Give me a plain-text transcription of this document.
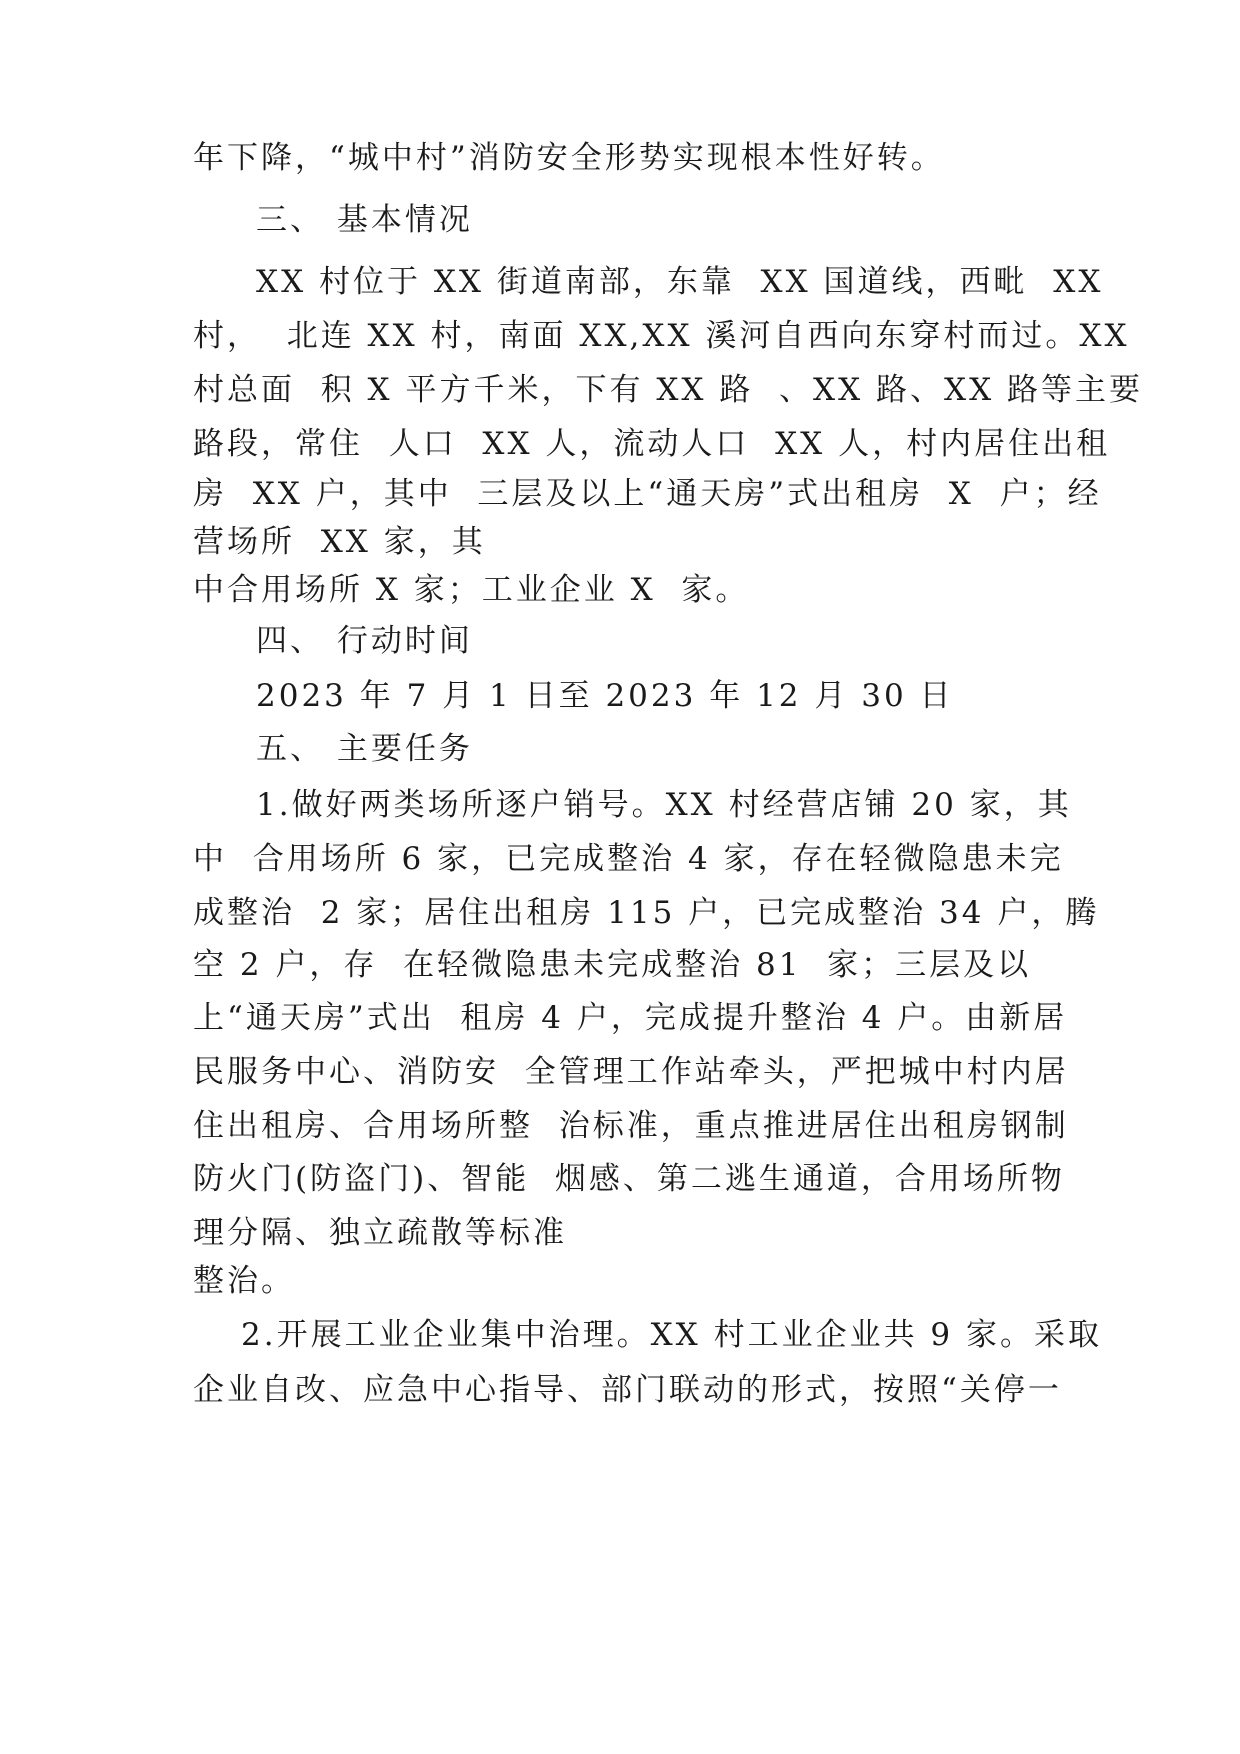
年下降，“城中村”消防安全形势实现根本性好转。
三、 基本情况
XX 村位于 XX 街道南部，东靠  XX 国道线，西毗  XX
村，  北连 XX 村，南面 XX,XX 溪河自西向东穿村而过。XX
村总面  积 X 平方千米，下有 XX 路  、XX 路、XX 路等主要
路段，常住  人口  XX 人，流动人口  XX 人，村内居住出租
房  XX 户，其中  三层及以上“通天房”式出租房  X  户；经
营场所  XX 家，其
中合用场所 X 家；工业企业 X  家。
四、 行动时间
2023 年 7 月 1 日至 2023 年 12 月 30 日
五、 主要任务
1.做好两类场所逐户销号。XX 村经营店铺 20 家，其
中  合用场所 6 家，已完成整治 4 家，存在轻微隐患未完
成整治  2 家；居住出租房 115 户，已完成整治 34 户，腾
空 2 户，存  在轻微隐患未完成整治 81  家；三层及以
上“通天房”式出  租房 4 户，完成提升整治 4 户。由新居
民服务中心、消防安  全管理工作站牵头，严把城中村内居
住出租房、合用场所整  治标准，重点推进居住出租房钢制
防火门(防盗门)、智能  烟感、第二逃生通道，合用场所物
理分隔、独立疏散等标准
整治。
2.开展工业企业集中治理。XX 村工业企业共 9 家。采取
企业自改、应急中心指导、部门联动的形式，按照“关停一
